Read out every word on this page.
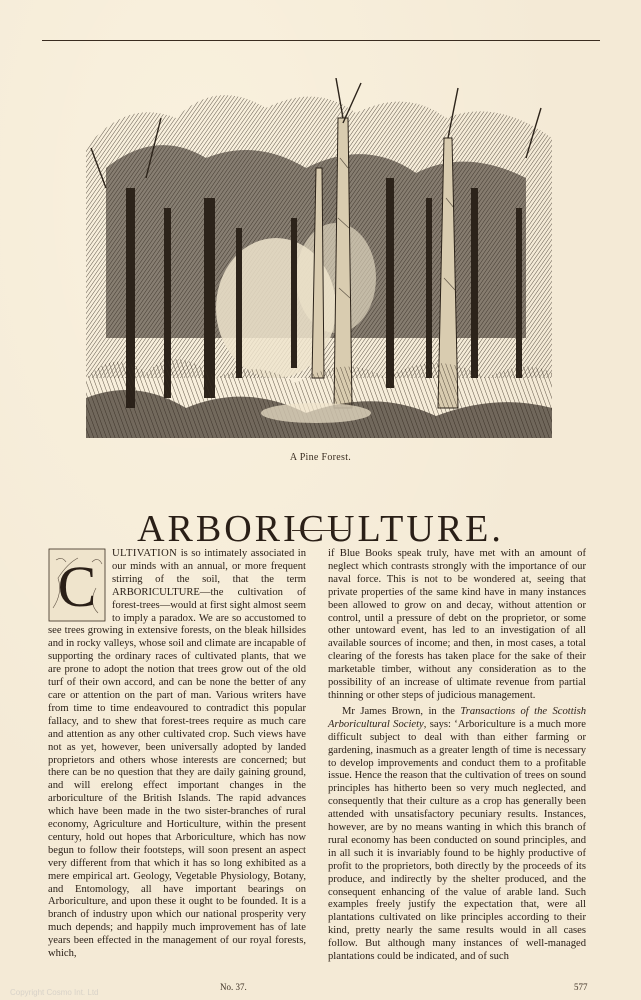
A Pine Forest.
ARBORICULTURE.
C

ULTIVATION is so intimately associated in our minds with an annual, or more frequent stirring of the soil, that the term ARBORICULTURE—the cultivation of forest-trees—would at first sight almost seem to imply a paradox. We are so accustomed to see trees growing in extensive forests, on the bleak hillsides and in rocky valleys, whose soil and climate are incapable of supporting the ordinary races of cultivated plants, that we are prone to adopt the notion that trees grow out of the old turf of their own accord, and can be none the better of any care or attention on the part of man. Various writers have from time to time endeavoured to contradict this popular fallacy, and to shew that forest-trees require as much care and attention as any other cultivated crop. Such views have not as yet, however, been universally adopted by landed proprietors and others whose interests are concerned; but there can be no question that they are daily gaining ground, and will erelong effect important changes in the arboriculture of the British Islands. The rapid advances which have been made in the two sister-branches of rural economy, Agriculture and Horticulture, within the present century, hold out hopes that Arboriculture, which has now begun to follow their footsteps, will soon present an aspect very different from that which it has so long exhibited as a mere empirical art. Geology, Vegetable Physiology, Botany, and Entomology, all have important bearings on Arboriculture, and upon these it ought to be founded. It is a branch of industry upon which our national prosperity very much depends; and happily much improvement has of late years been effected in the management of our royal forests, which,

if Blue Books speak truly, have met with an amount of neglect which contrasts strongly with the importance of our naval force. This is not to be wondered at, seeing that private properties of the same kind have in many instances been allowed to grow on and decay, without attention or control, until a pressure of debt on the proprietor, or some other untoward event, has led to an investigation of all available sources of income; and then, in most cases, a total clearing of the forests has taken place for the sake of their marketable timber, without any consideration as to the possibility of an increase of ultimate revenue from partial thinning or other steps of judicious management.

Mr James Brown, in the Transactions of the Scottish Arboricultural Society, says: ‘Arboriculture is a much more difficult subject to deal with than either farming or gardening, inasmuch as a greater length of time is necessary to develop improvements and conduct them to a profitable issue. Hence the reason that the cultivation of trees on sound principles has hitherto been so very much neglected, and consequently that their culture as a crop has generally been attended with unsatisfactory pecuniary results. Instances, however, are by no means wanting in which this branch of rural economy has been conducted on sound principles, and in all such it is invariably found to be highly productive of profit to the proprietors, both directly by the proceeds of its produce, and indirectly by the shelter produced, and the consequent enhancing of the value of arable land. Such examples freely justify the expectation that, were all plantations cultivated on like principles according to their kind, pretty nearly the same results would in all cases follow. But although many instances of well-managed plantations could be indicated, and of such

No. 37.	577
Copyright Cosmo Int. Ltd
